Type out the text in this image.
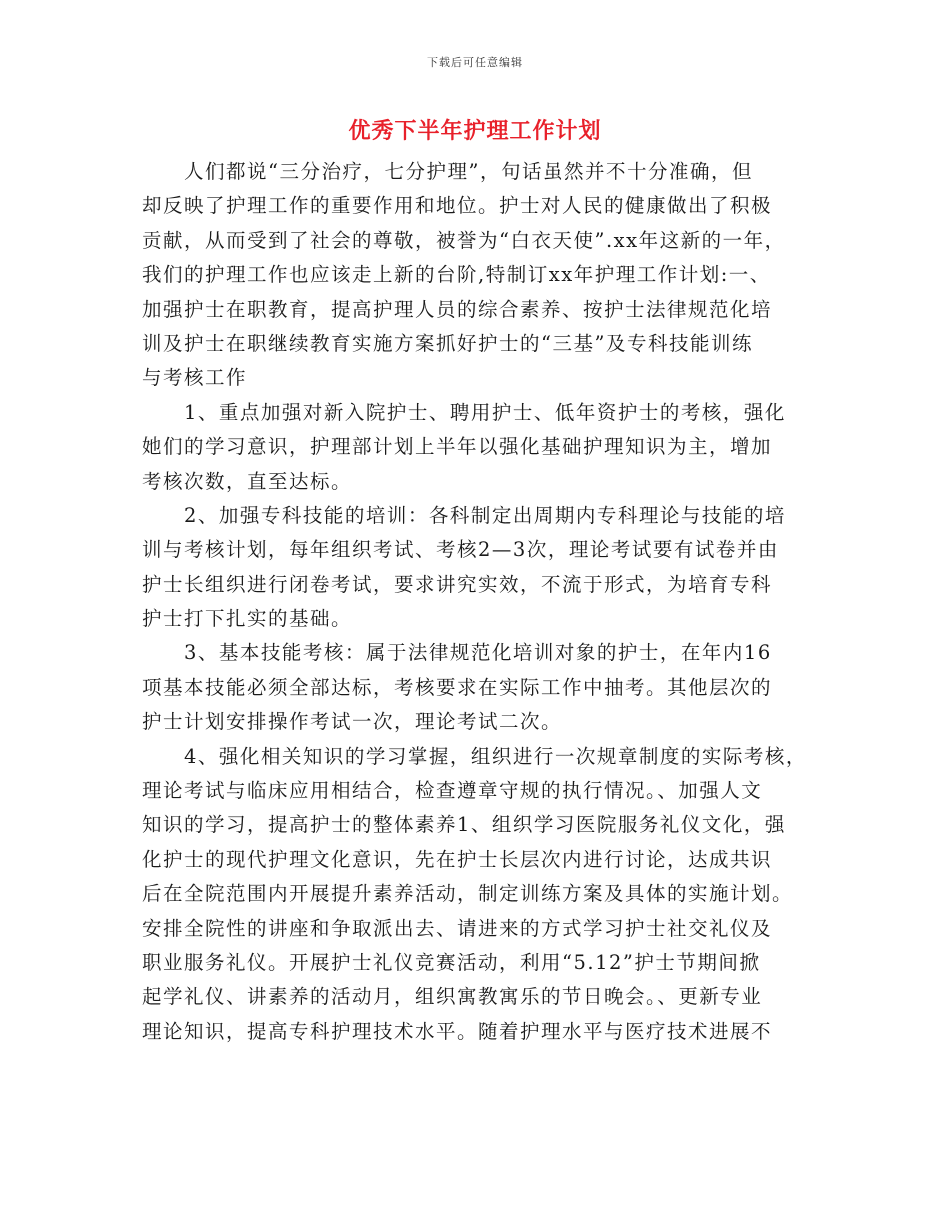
下载后可任意编辑
优秀下半年护理工作计划
人们都说“三分治疗，七分护理”，句话虽然并不十分准确，但
却反映了护理工作的重要作用和地位。护士对人民的健康做出了积极
贡献，从而受到了社会的尊敬，被誉为“白衣天使”.xx年这新的一年，
我们的护理工作也应该走上新的台阶,特制订xx年护理工作计划:一、
加强护士在职教育，提高护理人员的综合素养、按护士法律规范化培
训及护士在职继续教育实施方案抓好护士的“三基”及专科技能训练
与考核工作
1、重点加强对新入院护士、聘用护士、低年资护士的考核，强化
她们的学习意识，护理部计划上半年以强化基础护理知识为主，增加
考核次数，直至达标。
2、加强专科技能的培训：各科制定出周期内专科理论与技能的培
训与考核计划，每年组织考试、考核2—3次，理论考试要有试卷并由
护士长组织进行闭卷考试，要求讲究实效，不流于形式，为培育专科
护士打下扎实的基础。
3、基本技能考核：属于法律规范化培训对象的护士，在年内16
项基本技能必须全部达标，考核要求在实际工作中抽考。其他层次的
护士计划安排操作考试一次，理论考试二次。
4、强化相关知识的学习掌握，组织进行一次规章制度的实际考核，
理论考试与临床应用相结合，检查遵章守规的执行情况。、加强人文
知识的学习，提高护士的整体素养1、组织学习医院服务礼仪文化，强
化护士的现代护理文化意识，先在护士长层次内进行讨论，达成共识
后在全院范围内开展提升素养活动，制定训练方案及具体的实施计划。
安排全院性的讲座和争取派出去、请进来的方式学习护士社交礼仪及
职业服务礼仪。开展护士礼仪竞赛活动，利用“5.12”护士节期间掀
起学礼仪、讲素养的活动月，组织寓教寓乐的节日晚会。、更新专业
理论知识，提高专科护理技术水平。随着护理水平与医疗技术进展不
